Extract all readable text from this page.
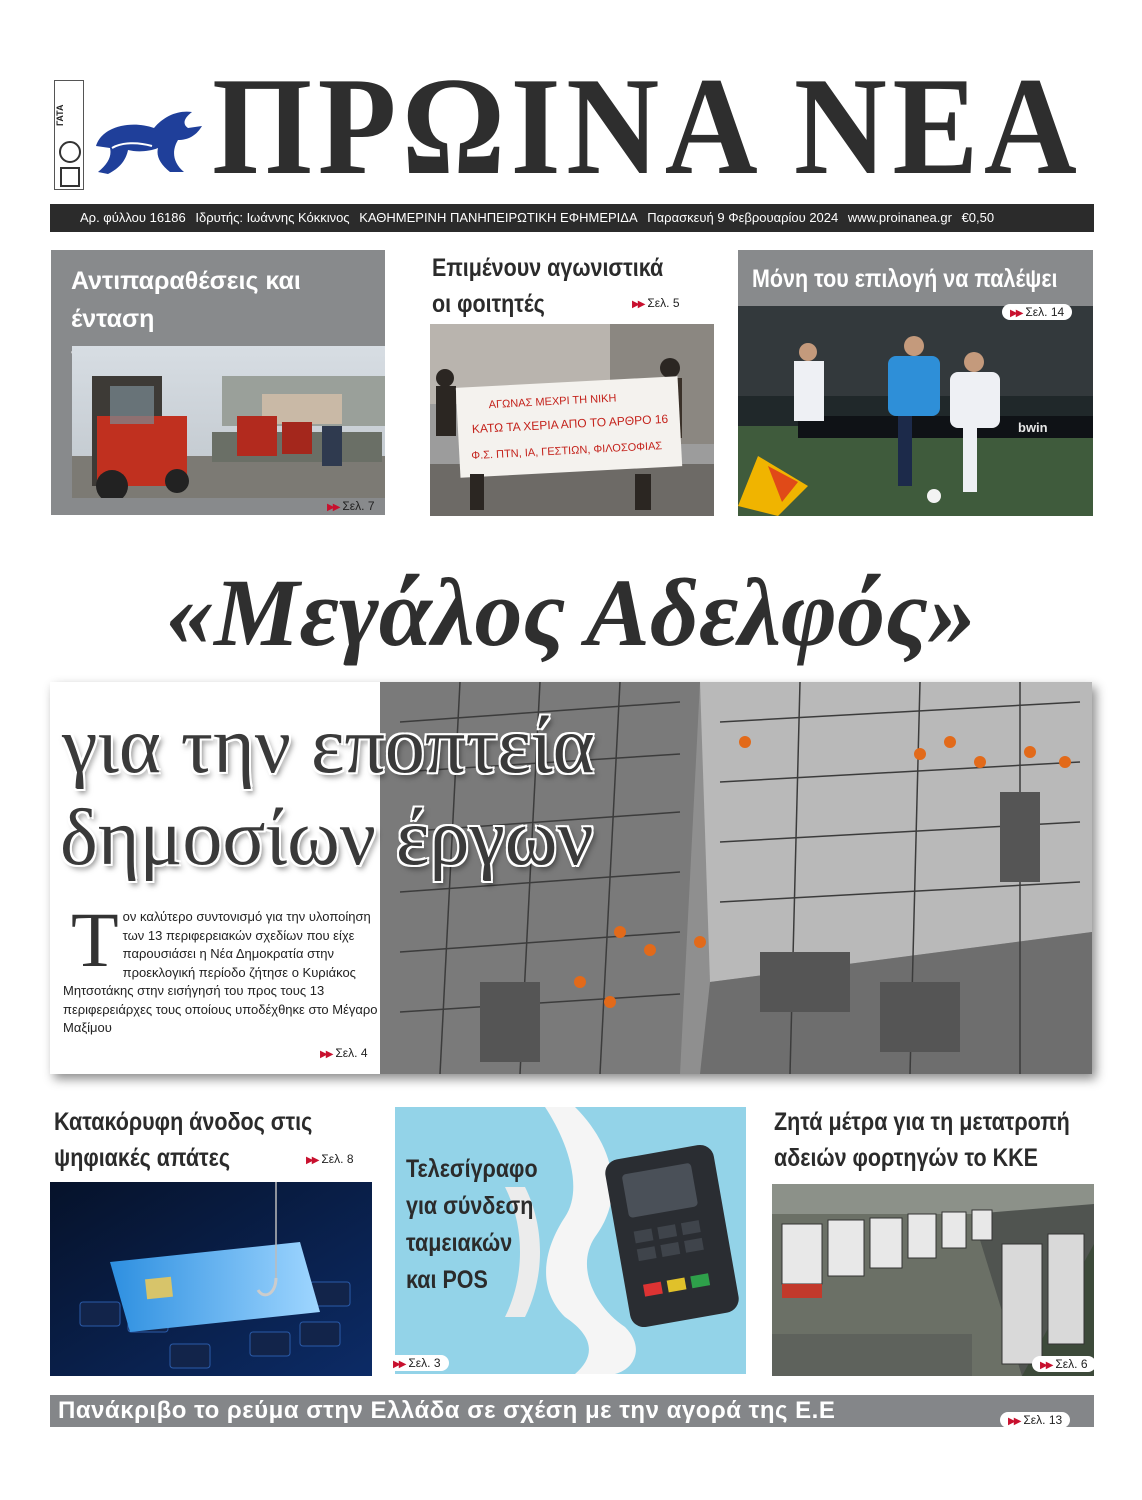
ΓΑΤΑ ΠΡΩΙΝΑ ΝΕΑ
Αρ. φύλλου 16186 Ιδρυτής: Ιωάννης Κόκκινος ΚΑΘΗΜΕΡΙΝΗ ΠΑΝΗΠΕΙΡΩΤΙΚΗ ΕΦΗΜΕΡΙΔΑ Παρασκευή 9 Φεβρουαρίου 2024 www.proinanea.gr €0,50
Αντιπαραθέσεις και ένταση
▶▶ Σελ. 7
Επιμένουν αγωνιστικά
οι φοιτητές	▶▶ Σελ. 5
ΑΓΩΝΑΣ ΜΕΧΡΙ ΤΗ ΝΙΚΗ
ΚΑΤΩ ΤΑ ΧΕΡΙΑ ΑΠΟ ΤΟ ΑΡΘΡΟ 16
Φ.Σ. ΠΤΝ, ΙΑ, ΓΕΣΤΙΩΝ, ΦΙΛΟΣΟΦΙΑΣ
Μόνη του επιλογή να παλέψει
bwin
▶▶ Σελ. 14
«Μεγάλος Αδελφός»
για την εποπτεία
δημοσίων έργων
▶▶ Σελ. 4
Τον καλύτερο συντονισμό για την υλοποίηση των 13 περιφερειακών σχεδίων που είχε παρουσιάσει η Νέα Δημοκρατία στην προεκλογική περίοδο ζήτησε ο Κυριάκος Μητσοτάκης στην εισήγησή του προς τους 13 περιφερειάρχες τους οποίους υποδέχθηκε στο Μέγαρο Μαξίμου
Κατακόρυφη άνοδος στις
ψηφιακές απάτες	▶▶ Σελ. 8 Τελεσίγραφο
για σύνδεση
ταμειακών
και POS
▶▶ Σελ. 3
Ζητά μέτρα για τη μετατροπή
αδειών φορτηγών το ΚΚΕ
▶▶ Σελ. 6
Πανάκριβο το ρεύμα στην Ελλάδα σε σχέση με την αγορά της Ε.Ε	▶▶ Σελ. 13
